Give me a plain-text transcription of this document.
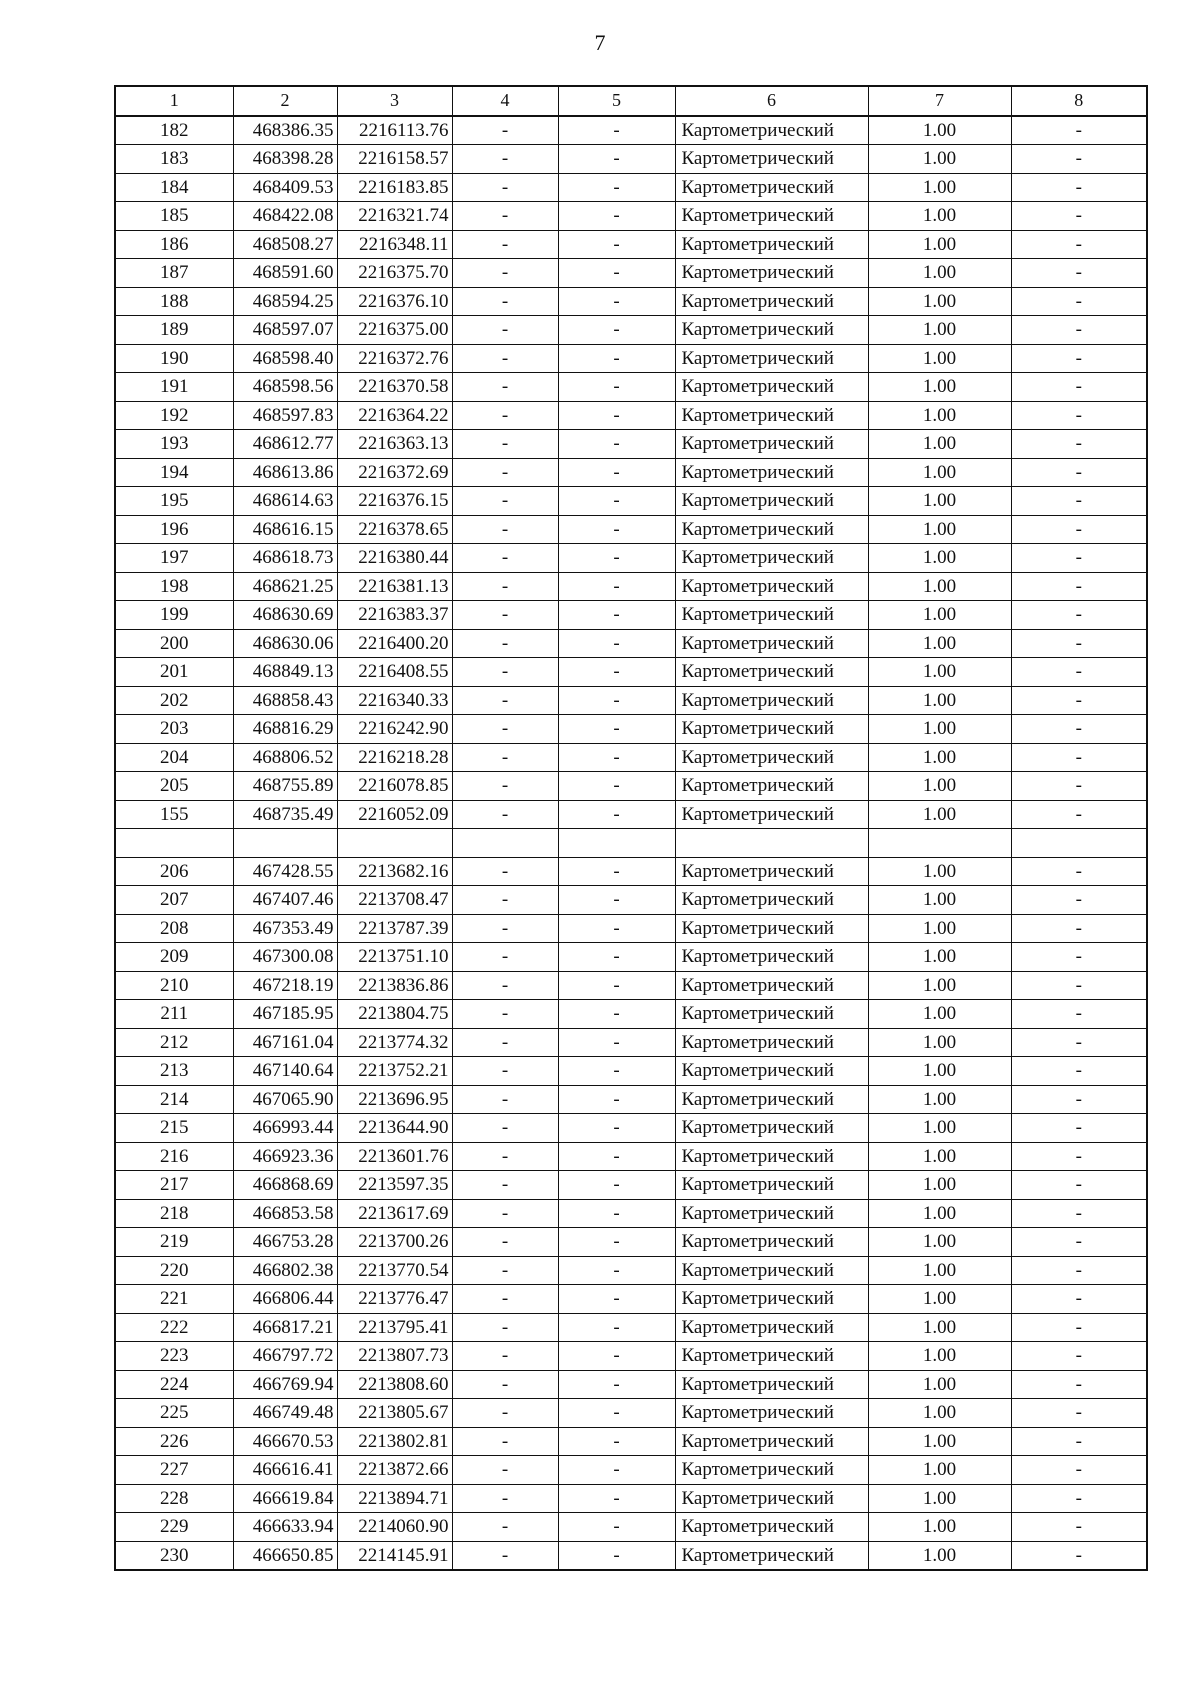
7
1	2	3	4	5	6	7	8
182	468386.35	2216113.76	-	-	Картометрический	1.00	-
183	468398.28	2216158.57	-	-	Картометрический	1.00	-
184	468409.53	2216183.85	-	-	Картометрический	1.00	-
185	468422.08	2216321.74	-	-	Картометрический	1.00	-
186	468508.27	2216348.11	-	-	Картометрический	1.00	-
187	468591.60	2216375.70	-	-	Картометрический	1.00	-
188	468594.25	2216376.10	-	-	Картометрический	1.00	-
189	468597.07	2216375.00	-	-	Картометрический	1.00	-
190	468598.40	2216372.76	-	-	Картометрический	1.00	-
191	468598.56	2216370.58	-	-	Картометрический	1.00	-
192	468597.83	2216364.22	-	-	Картометрический	1.00	-
193	468612.77	2216363.13	-	-	Картометрический	1.00	-
194	468613.86	2216372.69	-	-	Картометрический	1.00	-
195	468614.63	2216376.15	-	-	Картометрический	1.00	-
196	468616.15	2216378.65	-	-	Картометрический	1.00	-
197	468618.73	2216380.44	-	-	Картометрический	1.00	-
198	468621.25	2216381.13	-	-	Картометрический	1.00	-
199	468630.69	2216383.37	-	-	Картометрический	1.00	-
200	468630.06	2216400.20	-	-	Картометрический	1.00	-
201	468849.13	2216408.55	-	-	Картометрический	1.00	-
202	468858.43	2216340.33	-	-	Картометрический	1.00	-
203	468816.29	2216242.90	-	-	Картометрический	1.00	-
204	468806.52	2216218.28	-	-	Картометрический	1.00	-
205	468755.89	2216078.85	-	-	Картометрический	1.00	-
155	468735.49	2216052.09	-	-	Картометрический	1.00	-

206	467428.55	2213682.16	-	-	Картометрический	1.00	-
207	467407.46	2213708.47	-	-	Картометрический	1.00	-
208	467353.49	2213787.39	-	-	Картометрический	1.00	-
209	467300.08	2213751.10	-	-	Картометрический	1.00	-
210	467218.19	2213836.86	-	-	Картометрический	1.00	-
211	467185.95	2213804.75	-	-	Картометрический	1.00	-
212	467161.04	2213774.32	-	-	Картометрический	1.00	-
213	467140.64	2213752.21	-	-	Картометрический	1.00	-
214	467065.90	2213696.95	-	-	Картометрический	1.00	-
215	466993.44	2213644.90	-	-	Картометрический	1.00	-
216	466923.36	2213601.76	-	-	Картометрический	1.00	-
217	466868.69	2213597.35	-	-	Картометрический	1.00	-
218	466853.58	2213617.69	-	-	Картометрический	1.00	-
219	466753.28	2213700.26	-	-	Картометрический	1.00	-
220	466802.38	2213770.54	-	-	Картометрический	1.00	-
221	466806.44	2213776.47	-	-	Картометрический	1.00	-
222	466817.21	2213795.41	-	-	Картометрический	1.00	-
223	466797.72	2213807.73	-	-	Картометрический	1.00	-
224	466769.94	2213808.60	-	-	Картометрический	1.00	-
225	466749.48	2213805.67	-	-	Картометрический	1.00	-
226	466670.53	2213802.81	-	-	Картометрический	1.00	-
227	466616.41	2213872.66	-	-	Картометрический	1.00	-
228	466619.84	2213894.71	-	-	Картометрический	1.00	-
229	466633.94	2214060.90	-	-	Картометрический	1.00	-
230	466650.85	2214145.91	-	-	Картометрический	1.00	-
